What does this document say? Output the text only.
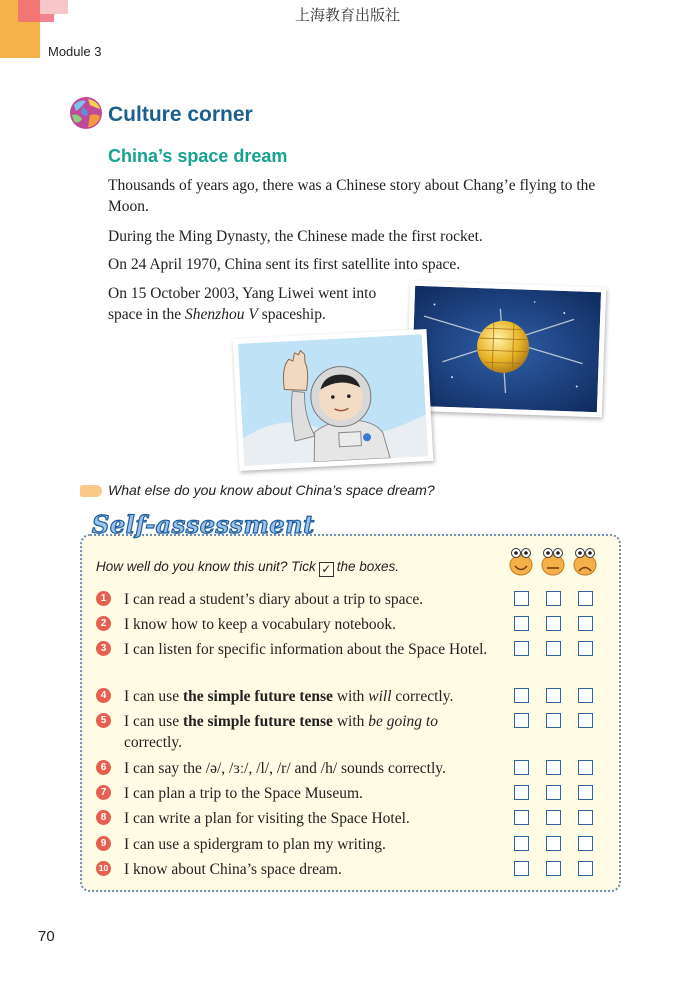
上海教育出版社
Module 3
Culture corner
China’s space dream
Thousands of years ago, there was a Chinese story about Chang’e flying to the Moon.
During the Ming Dynasty, the Chinese made the first rocket.
On 24 April 1970, China sent its first satellite into space.
On 15 October 2003, Yang Liwei went into space in the Shenzhou V spaceship.
What else do you know about China’s space dream?
Self-assessment
How well do you know this unit? Tick ✓ the boxes.
1	I can read a student’s diary about a trip to space.
2	I know how to keep a vocabulary notebook.
3	I can listen for specific information about the Space Hotel.
4	I can use the simple future tense with will correctly.
5	I can use the simple future tense with be going to correctly.
6	I can say the /ə/, /ɜː/, /l/, /r/ and /h/ sounds correctly.
7	I can plan a trip to the Space Museum.
8	I can write a plan for visiting the Space Hotel.
9	I can use a spidergram to plan my writing.
10 I know about China’s space dream.
70
